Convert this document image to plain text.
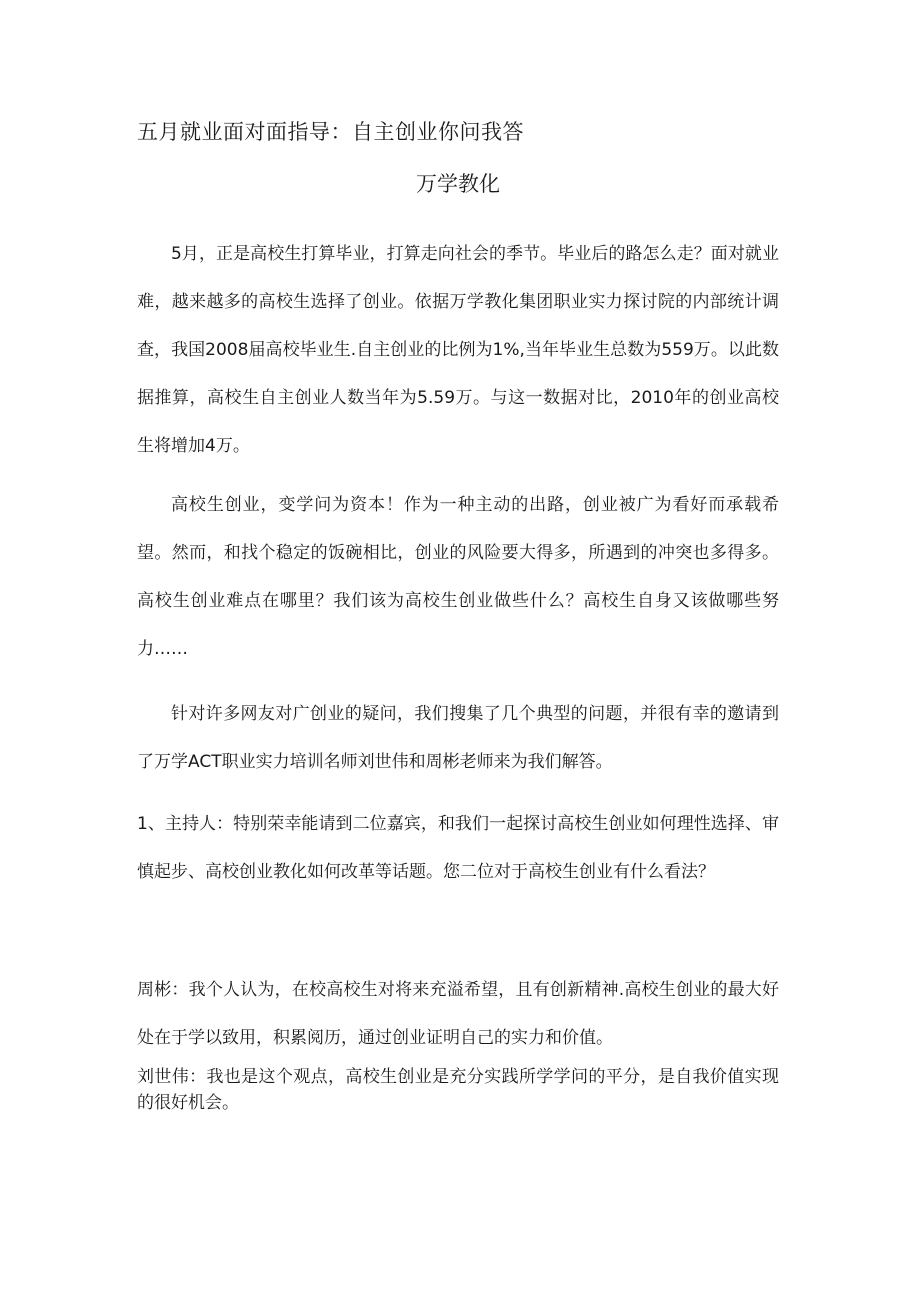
五月就业面对面指导：自主创业你问我答
万学教化

5月，正是高校生打算毕业，打算走向社会的季节。毕业后的路怎么走？面对就业难，越来越多的高校生选择了创业。依据万学教化集团职业实力探讨院的内部统计调查，我国2008届高校毕业生.自主创业的比例为1%,当年毕业生总数为559万。以此数据推算，高校生自主创业人数当年为5.59万。与这一数据对比，2010年的创业高校生将增加4万。

高校生创业，变学问为资本！作为一种主动的出路，创业被广为看好而承载希望。然而，和找个稳定的饭碗相比，创业的风险要大得多，所遇到的冲突也多得多。高校生创业难点在哪里？我们该为高校生创业做些什么？高校生自身又该做哪些努力……

针对许多网友对广创业的疑问，我们搜集了几个典型的问题，并很有幸的邀请到了万学ACT职业实力培训名师刘世伟和周彬老师来为我们解答。

1、主持人：特别荣幸能请到二位嘉宾，和我们一起探讨高校生创业如何理性选择、审慎起步、高校创业教化如何改革等话题。您二位对于高校生创业有什么看法？

周彬：我个人认为，在校高校生对将来充溢希望，且有创新精神.高校生创业的最大好处在于学以致用，积累阅历，通过创业证明自己的实力和价值。

刘世伟：我也是这个观点，高校生创业是充分实践所学学问的平分，是自我价值实现的很好机会。
